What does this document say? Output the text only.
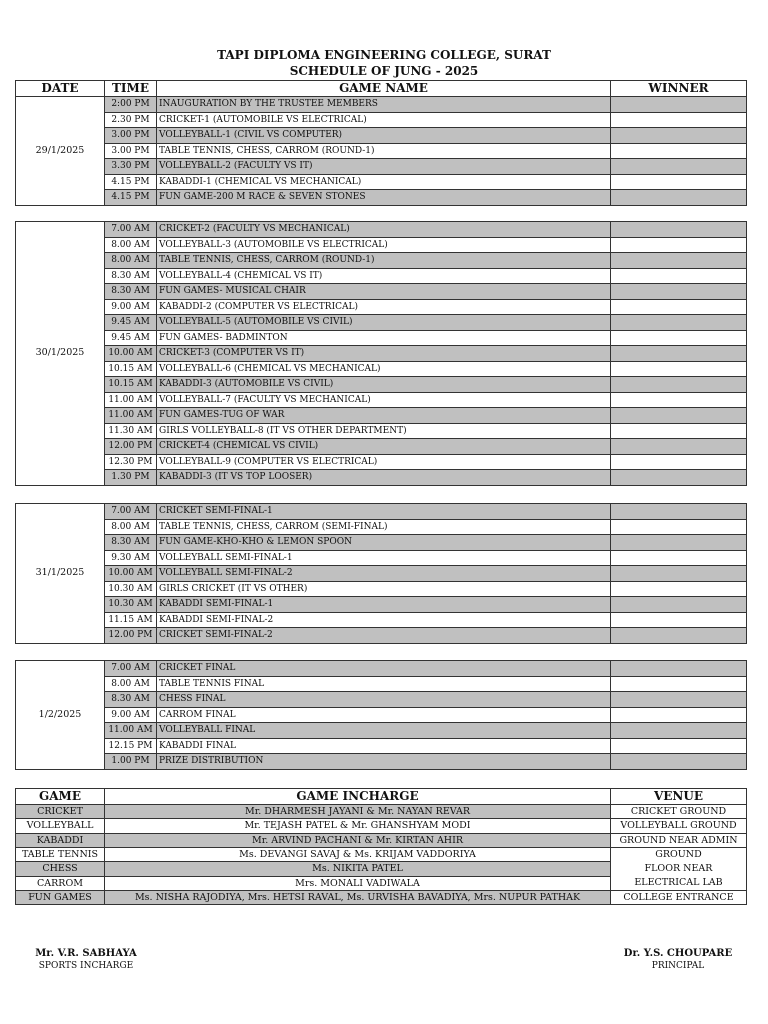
TAPI DIPLOMA ENGINEERING COLLEGE, SURAT
SCHEDULE OF JUNG - 2025
DATE	TIME	GAME NAME	WINNER
29/1/2025	2:00 PM	INAUGURATION BY THE TRUSTEE MEMBERS	
	2.30 PM	CRICKET-1 (AUTOMOBILE VS ELECTRICAL)	
	3.00 PM	VOLLEYBALL-1 (CIVIL VS COMPUTER)	
	3.00 PM	TABLE TENNIS, CHESS, CARROM (ROUND-1)	
	3.30 PM	VOLLEYBALL-2 (FACULTY VS IT)	
	4.15 PM	KABADDI-1 (CHEMICAL VS MECHANICAL)	
	4.15 PM	FUN GAME-200 M RACE & SEVEN STONES	
30/1/2025	7.00 AM	CRICKET-2 (FACULTY VS MECHANICAL)	
	8.00 AM	VOLLEYBALL-3 (AUTOMOBILE VS ELECTRICAL)	
	8.00 AM	TABLE TENNIS, CHESS, CARROM (ROUND-1)	
	8.30 AM	VOLLEYBALL-4 (CHEMICAL VS IT)	
	8.30 AM	FUN GAMES- MUSICAL CHAIR	
	9.00 AM	KABADDI-2 (COMPUTER VS ELECTRICAL)	
	9.45 AM	VOLLEYBALL-5 (AUTOMOBILE VS CIVIL)	
	9.45 AM	FUN GAMES- BADMINTON	
	10.00 AM	CRICKET-3 (COMPUTER VS IT)	
	10.15 AM	VOLLEYBALL-6 (CHEMICAL VS MECHANICAL)	
	10.15 AM	KABADDI-3 (AUTOMOBILE VS CIVIL)	
	11.00 AM	VOLLEYBALL-7 (FACULTY VS MECHANICAL)	
	11.00 AM	FUN GAMES-TUG OF WAR	
	11.30 AM	GIRLS VOLLEYBALL-8 (IT VS OTHER DEPARTMENT)	
	12.00 PM	CRICKET-4 (CHEMICAL VS CIVIL)	
	12.30 PM	VOLLEYBALL-9 (COMPUTER VS ELECTRICAL)	
	1.30 PM	KABADDI-3 (IT VS TOP LOOSER)	
31/1/2025	7.00 AM	CRICKET SEMI-FINAL-1	
	8.00 AM	TABLE TENNIS, CHESS, CARROM (SEMI-FINAL)	
	8.30 AM	FUN GAME-KHO-KHO & LEMON SPOON	
	9.30 AM	VOLLEYBALL SEMI-FINAL-1	
	10.00 AM	VOLLEYBALL SEMI-FINAL-2	
	10.30 AM	GIRLS CRICKET (IT VS OTHER)	
	10.30 AM	KABADDI SEMI-FINAL-1	
	11.15 AM	KABADDI SEMI-FINAL-2	
	12.00 PM	CRICKET SEMI-FINAL-2	
1/2/2025	7.00 AM	CRICKET FINAL	
	8.00 AM	TABLE TENNIS FINAL	
	8.30 AM	CHESS FINAL	
	9.00 AM	CARROM FINAL	
	11.00 AM	VOLLEYBALL FINAL	
	12.15 PM	KABADDI FINAL	
	1.00 PM	PRIZE DISTRIBUTION	
GAME	GAME INCHARGE	VENUE
CRICKET	Mr. DHARMESH JAYANI & Mr. NAYAN REVAR	CRICKET GROUND
VOLLEYBALL	Mr. TEJASH PATEL & Mr. GHANSHYAM MODI	VOLLEYBALL GROUND
KABADDI	Mr. ARVIND PACHANI & Mr. KIRTAN AHIR	GROUND NEAR ADMIN
TABLE TENNIS	Ms. DEVANGI SAVAJ & Ms. KRIJAM VADDORIYA	GROUND
FLOOR NEAR
ELECTRICAL LAB

CHESS	Ms. NIKITA PATEL	
CARROM	Mrs. MONALI VADIWALA	
FUN GAMES	Ms. NISHA RAJODIYA, Mrs. HETSI RAVAL, Ms. URVISHA BAVADIYA, Mrs. NUPUR PATHAK	COLLEGE ENTRANCE
Mr. V.R. SABHAYA
SPORTS INCHARGE
Dr. Y.S. CHOUPARE
PRINCIPAL
